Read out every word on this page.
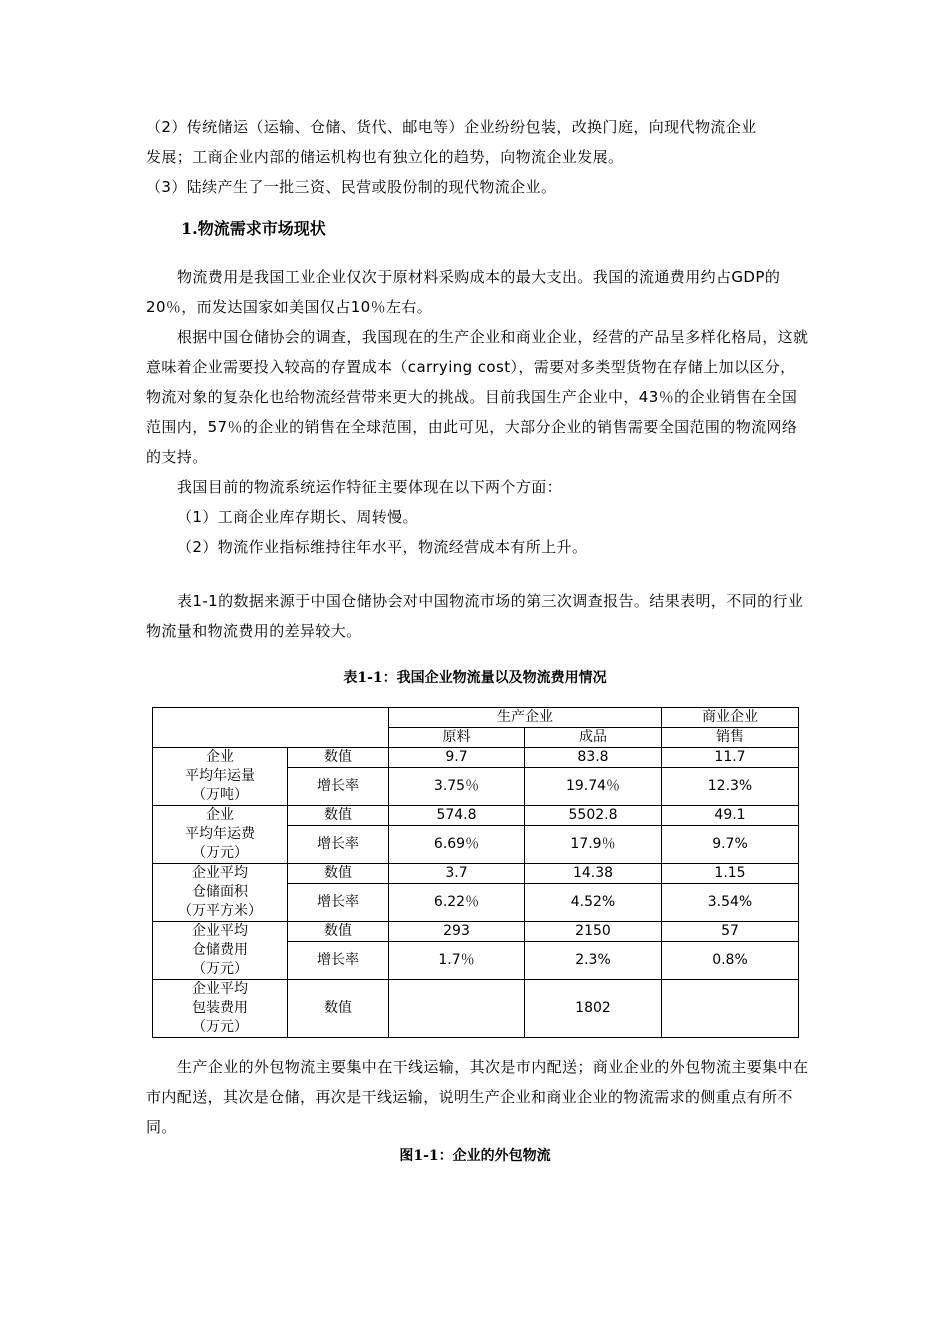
（2）传统储运（运输、仓储、货代、邮电等）企业纷纷包装，改换门庭，向现代物流企业

发展；工商企业内部的储运机构也有独立化的趋势，向物流企业发展。

（3）陆续产生了一批三资、民营或股份制的现代物流企业。

1.物流需求市场现状

物流费用是我国工业企业仅次于原材料采购成本的最大支出。我国的流通费用约占GDP的20％，而发达国家如美国仅占10％左右。

根据中国仓储协会的调查，我国现在的生产企业和商业企业，经营的产品呈多样化格局，这就意味着企业需要投入较高的存置成本（carrying cost），需要对多类型货物在存储上加以区分，物流对象的复杂化也给物流经营带来更大的挑战。目前我国生产企业中，43％的企业销售在全国范围内，57％的企业的销售在全球范围，由此可见，大部分企业的销售需要全国范围的物流网络的支持。

我国目前的物流系统运作特征主要体现在以下两个方面：

（1）工商企业库存期长、周转慢。

（2）物流作业指标维持往年水平，物流经营成本有所上升。

表1-1的数据来源于中国仓储协会对中国物流市场的第三次调查报告。结果表明，不同的行业物流量和物流费用的差异较大。

表1-1：我国企业物流量以及物流费用情况
		生产企业		商业企业
		原料	成品	销售

企业
平均年运量
（万吨）	数值	9.7	83.8	11.7
	增长率	3.75％	19.74％	12.3%

企业
平均年运费
（万元）	数值	574.8	5502.8	49.1
	增长率	6.69％	17.9％	9.7%

企业平均
仓储面积
（万平方米）	数值	3.7	14.38	1.15
	增长率	6.22％	4.52%	3.54%

企业平均
仓储费用
（万元）	数值	293	2150	57
	增长率	1.7％	2.3%	0.8%

企业平均
包装费用
（万元）	数值		1802	

生产企业的外包物流主要集中在干线运输，其次是市内配送；商业企业的外包物流主要集中在市内配送，其次是仓储，再次是干线运输，说明生产企业和商业企业的物流需求的侧重点有所不同。

图1-1：企业的外包物流
